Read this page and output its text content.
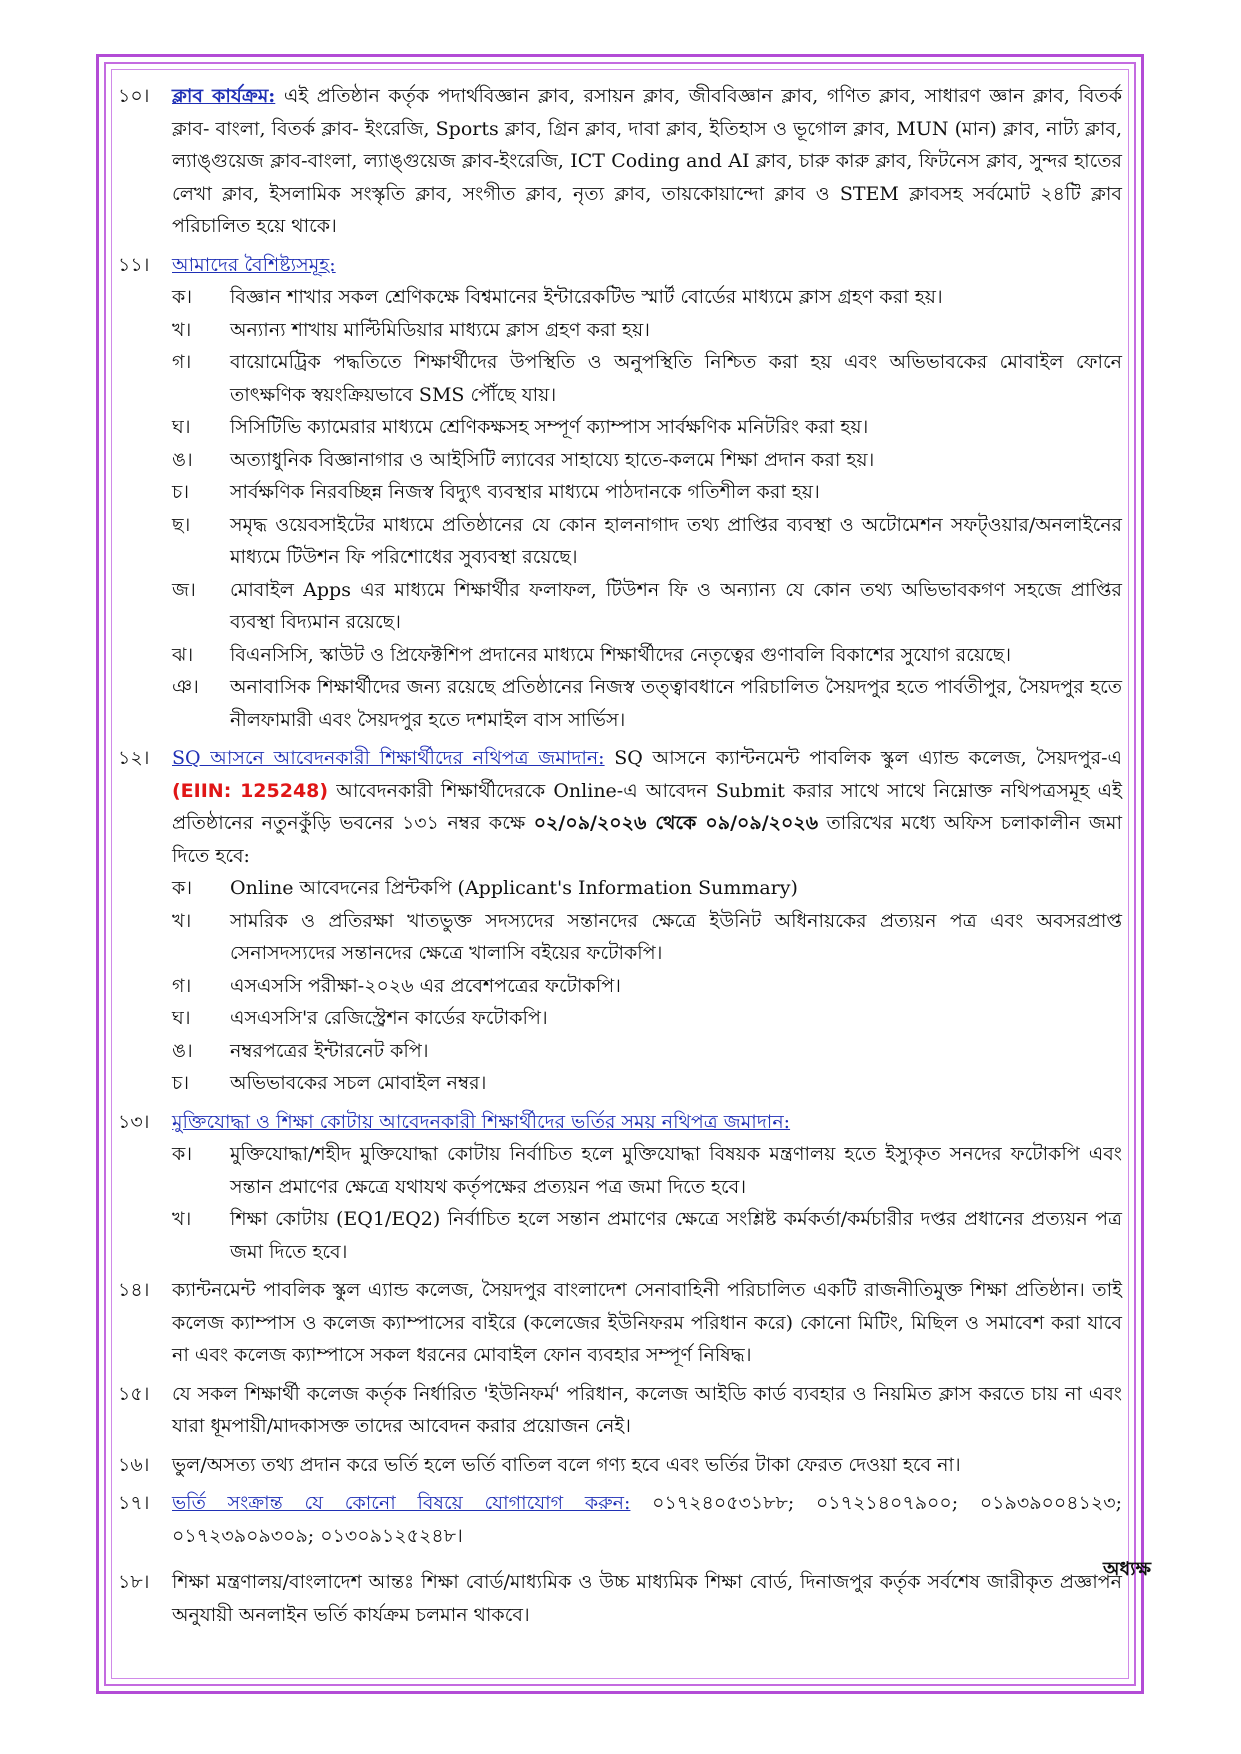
১০।	ক্লাব কার্যক্রম: এই প্রতিষ্ঠান কর্তৃক পদার্থবিজ্ঞান ক্লাব, রসায়ন ক্লাব, জীববিজ্ঞান ক্লাব, গণিত ক্লাব, সাধারণ জ্ঞান ক্লাব, বিতর্ক ক্লাব- বাংলা, বিতর্ক ক্লাব- ইংরেজি, Sports ক্লাব, গ্রিন ক্লাব, দাবা ক্লাব, ইতিহাস ও ভূগোল ক্লাব, MUN (মান) ক্লাব, নাট্য ক্লাব, ল্যাঙ্গুয়েজ ক্লাব-বাংলা, ল্যাঙ্গুয়েজ ক্লাব-ইংরেজি, ICT Coding and AI ক্লাব, চারু কারু ক্লাব, ফিটনেস ক্লাব, সুন্দর হাতের লেখা ক্লাব, ইসলামিক সংস্কৃতি ক্লাব, সংগীত ক্লাব, নৃত্য ক্লাব, তায়কোয়ান্দো ক্লাব ও STEM ক্লাবসহ সর্বমোট ২৪টি ক্লাব পরিচালিত হয়ে থাকে।
১১।	আমাদের বৈশিষ্ট্যসমূহ:
ক।	বিজ্ঞান শাখার সকল শ্রেণিকক্ষে বিশ্বমানের ইন্টারেকটিভ স্মার্ট বোর্ডের মাধ্যমে ক্লাস গ্রহণ করা হয়।
খ।	অন্যান্য শাখায় মাল্টিমিডিয়ার মাধ্যমে ক্লাস গ্রহণ করা হয়।
গ।	বায়োমেট্রিক পদ্ধতিতে শিক্ষার্থীদের উপস্থিতি ও অনুপস্থিতি নিশ্চিত করা হয় এবং অভিভাবকের মোবাইল ফোনে তাৎক্ষণিক স্বয়ংক্রিয়ভাবে SMS পৌঁছে যায়।
ঘ।	সিসিটিভি ক্যামেরার মাধ্যমে শ্রেণিকক্ষসহ সম্পূর্ণ ক্যাম্পাস সার্বক্ষণিক মনিটরিং করা হয়।
ঙ।	অত্যাধুনিক বিজ্ঞানাগার ও আইসিটি ল্যাবের সাহায্যে হাতে-কলমে শিক্ষা প্রদান করা হয়।
চ।	সার্বক্ষণিক নিরবচ্ছিন্ন নিজস্ব বিদ্যুৎ ব্যবস্থার মাধ্যমে পাঠদানকে গতিশীল করা হয়।
ছ।	সমৃদ্ধ ওয়েবসাইটের মাধ্যমে প্রতিষ্ঠানের যে কোন হালনাগাদ তথ্য প্রাপ্তির ব্যবস্থা ও অটোমেশন সফট্ওয়ার/অনলাইনের মাধ্যমে টিউশন ফি পরিশোধের সুব্যবস্থা রয়েছে।
জ।	মোবাইল Apps এর মাধ্যমে শিক্ষার্থীর ফলাফল, টিউশন ফি ও অন্যান্য যে কোন তথ্য অভিভাবকগণ সহজে প্রাপ্তির ব্যবস্থা বিদ্যমান রয়েছে।
ঝ।	বিএনসিসি, স্কাউট ও প্রিফেক্টশিপ প্রদানের মাধ্যমে শিক্ষার্থীদের নেতৃত্বের গুণাবলি বিকাশের সুযোগ রয়েছে।
ঞ।	অনাবাসিক শিক্ষার্থীদের জন্য রয়েছে প্রতিষ্ঠানের নিজস্ব তত্ত্বাবধানে পরিচালিত সৈয়দপুর হতে পার্বতীপুর, সৈয়দপুর হতে নীলফামারী এবং সৈয়দপুর হতে দশমাইল বাস সার্ভিস।
১২।	SQ আসনে আবেদনকারী শিক্ষার্থীদের নথিপত্র জমাদান: SQ আসনে ক্যান্টনমেন্ট পাবলিক স্কুল এ্যান্ড কলেজ, সৈয়দপুর-এ (EIIN: 125248) আবেদনকারী শিক্ষার্থীদেরকে Online-এ আবেদন Submit করার সাথে সাথে নিম্নোক্ত নথিপত্রসমূহ এই প্রতিষ্ঠানের নতুনকুঁড়ি ভবনের ১৩১ নম্বর কক্ষে ০২/০৯/২০২৬ থেকে ০৯/০৯/২০২৬ তারিখের মধ্যে অফিস চলাকালীন জমা দিতে হবে:
ক।	Online আবেদনের প্রিন্টকপি (Applicant's Information Summary)
খ।	সামরিক ও প্রতিরক্ষা খাতভুক্ত সদস্যদের সন্তানদের ক্ষেত্রে ইউনিট অধিনায়কের প্রত্যয়ন পত্র এবং অবসরপ্রাপ্ত সেনাসদস্যদের সন্তানদের ক্ষেত্রে খালাসি বইয়ের ফটোকপি।
গ।	এসএসসি পরীক্ষা-২০২৬ এর প্রবেশপত্রের ফটোকপি।
ঘ।	এসএসসি'র রেজিস্ট্রেশন কার্ডের ফটোকপি।
ঙ।	নম্বরপত্রের ইন্টারনেট কপি।
চ।	অভিভাবকের সচল মোবাইল নম্বর।
১৩।	মুক্তিযোদ্ধা ও শিক্ষা কোটায় আবেদনকারী শিক্ষার্থীদের ভর্তির সময় নথিপত্র জমাদান:
ক।	মুক্তিযোদ্ধা/শহীদ মুক্তিযোদ্ধা কোটায় নির্বাচিত হলে মুক্তিযোদ্ধা বিষয়ক মন্ত্রণালয় হতে ইস্যুকৃত সনদের ফটোকপি এবং সন্তান প্রমাণের ক্ষেত্রে যথাযথ কর্তৃপক্ষের প্রত্যয়ন পত্র জমা দিতে হবে।
খ।	শিক্ষা কোটায় (EQ1/EQ2) নির্বাচিত হলে সন্তান প্রমাণের ক্ষেত্রে সংশ্লিষ্ট কর্মকর্তা/কর্মচারীর দপ্তর প্রধানের প্রত্যয়ন পত্র জমা দিতে হবে।
১৪।	ক্যান্টনমেন্ট পাবলিক স্কুল এ্যান্ড কলেজ, সৈয়দপুর বাংলাদেশ সেনাবাহিনী পরিচালিত একটি রাজনীতিমুক্ত শিক্ষা প্রতিষ্ঠান। তাই কলেজ ক্যাম্পাস ও কলেজ ক্যাম্পাসের বাইরে (কলেজের ইউনিফরম পরিধান করে) কোনো মিটিং, মিছিল ও সমাবেশ করা যাবে না এবং কলেজ ক্যাম্পাসে সকল ধরনের মোবাইল ফোন ব্যবহার সম্পূর্ণ নিষিদ্ধ।
১৫।	যে সকল শিক্ষার্থী কলেজ কর্তৃক নির্ধারিত 'ইউনিফর্ম' পরিধান, কলেজ আইডি কার্ড ব্যবহার ও নিয়মিত ক্লাস করতে চায় না এবং যারা ধূমপায়ী/মাদকাসক্ত তাদের আবেদন করার প্রয়োজন নেই।
১৬।	ভুল/অসত্য তথ্য প্রদান করে ভর্তি হলে ভর্তি বাতিল বলে গণ্য হবে এবং ভর্তির টাকা ফেরত দেওয়া হবে না।
১৭।	ভর্তি সংক্রান্ত যে কোনো বিষয়ে যোগাযোগ করুন: ০১৭২৪০৫৩১৮৮; ০১৭২১৪০৭৯০০; ০১৯৩৯০০৪১২৩; ০১৭২৩৯০৯৩০৯; ০১৩০৯১২৫২৪৮।
১৮।	শিক্ষা মন্ত্রণালয়/বাংলাদেশ আন্তঃ শিক্ষা বোর্ড/মাধ্যমিক ও উচ্চ মাধ্যমিক শিক্ষা বোর্ড, দিনাজপুর কর্তৃক সর্বশেষ জারীকৃত প্রজ্ঞাপন অনুযায়ী অনলাইন ভর্তি কার্যক্রম চলমান থাকবে।
অধ্যক্ষ
